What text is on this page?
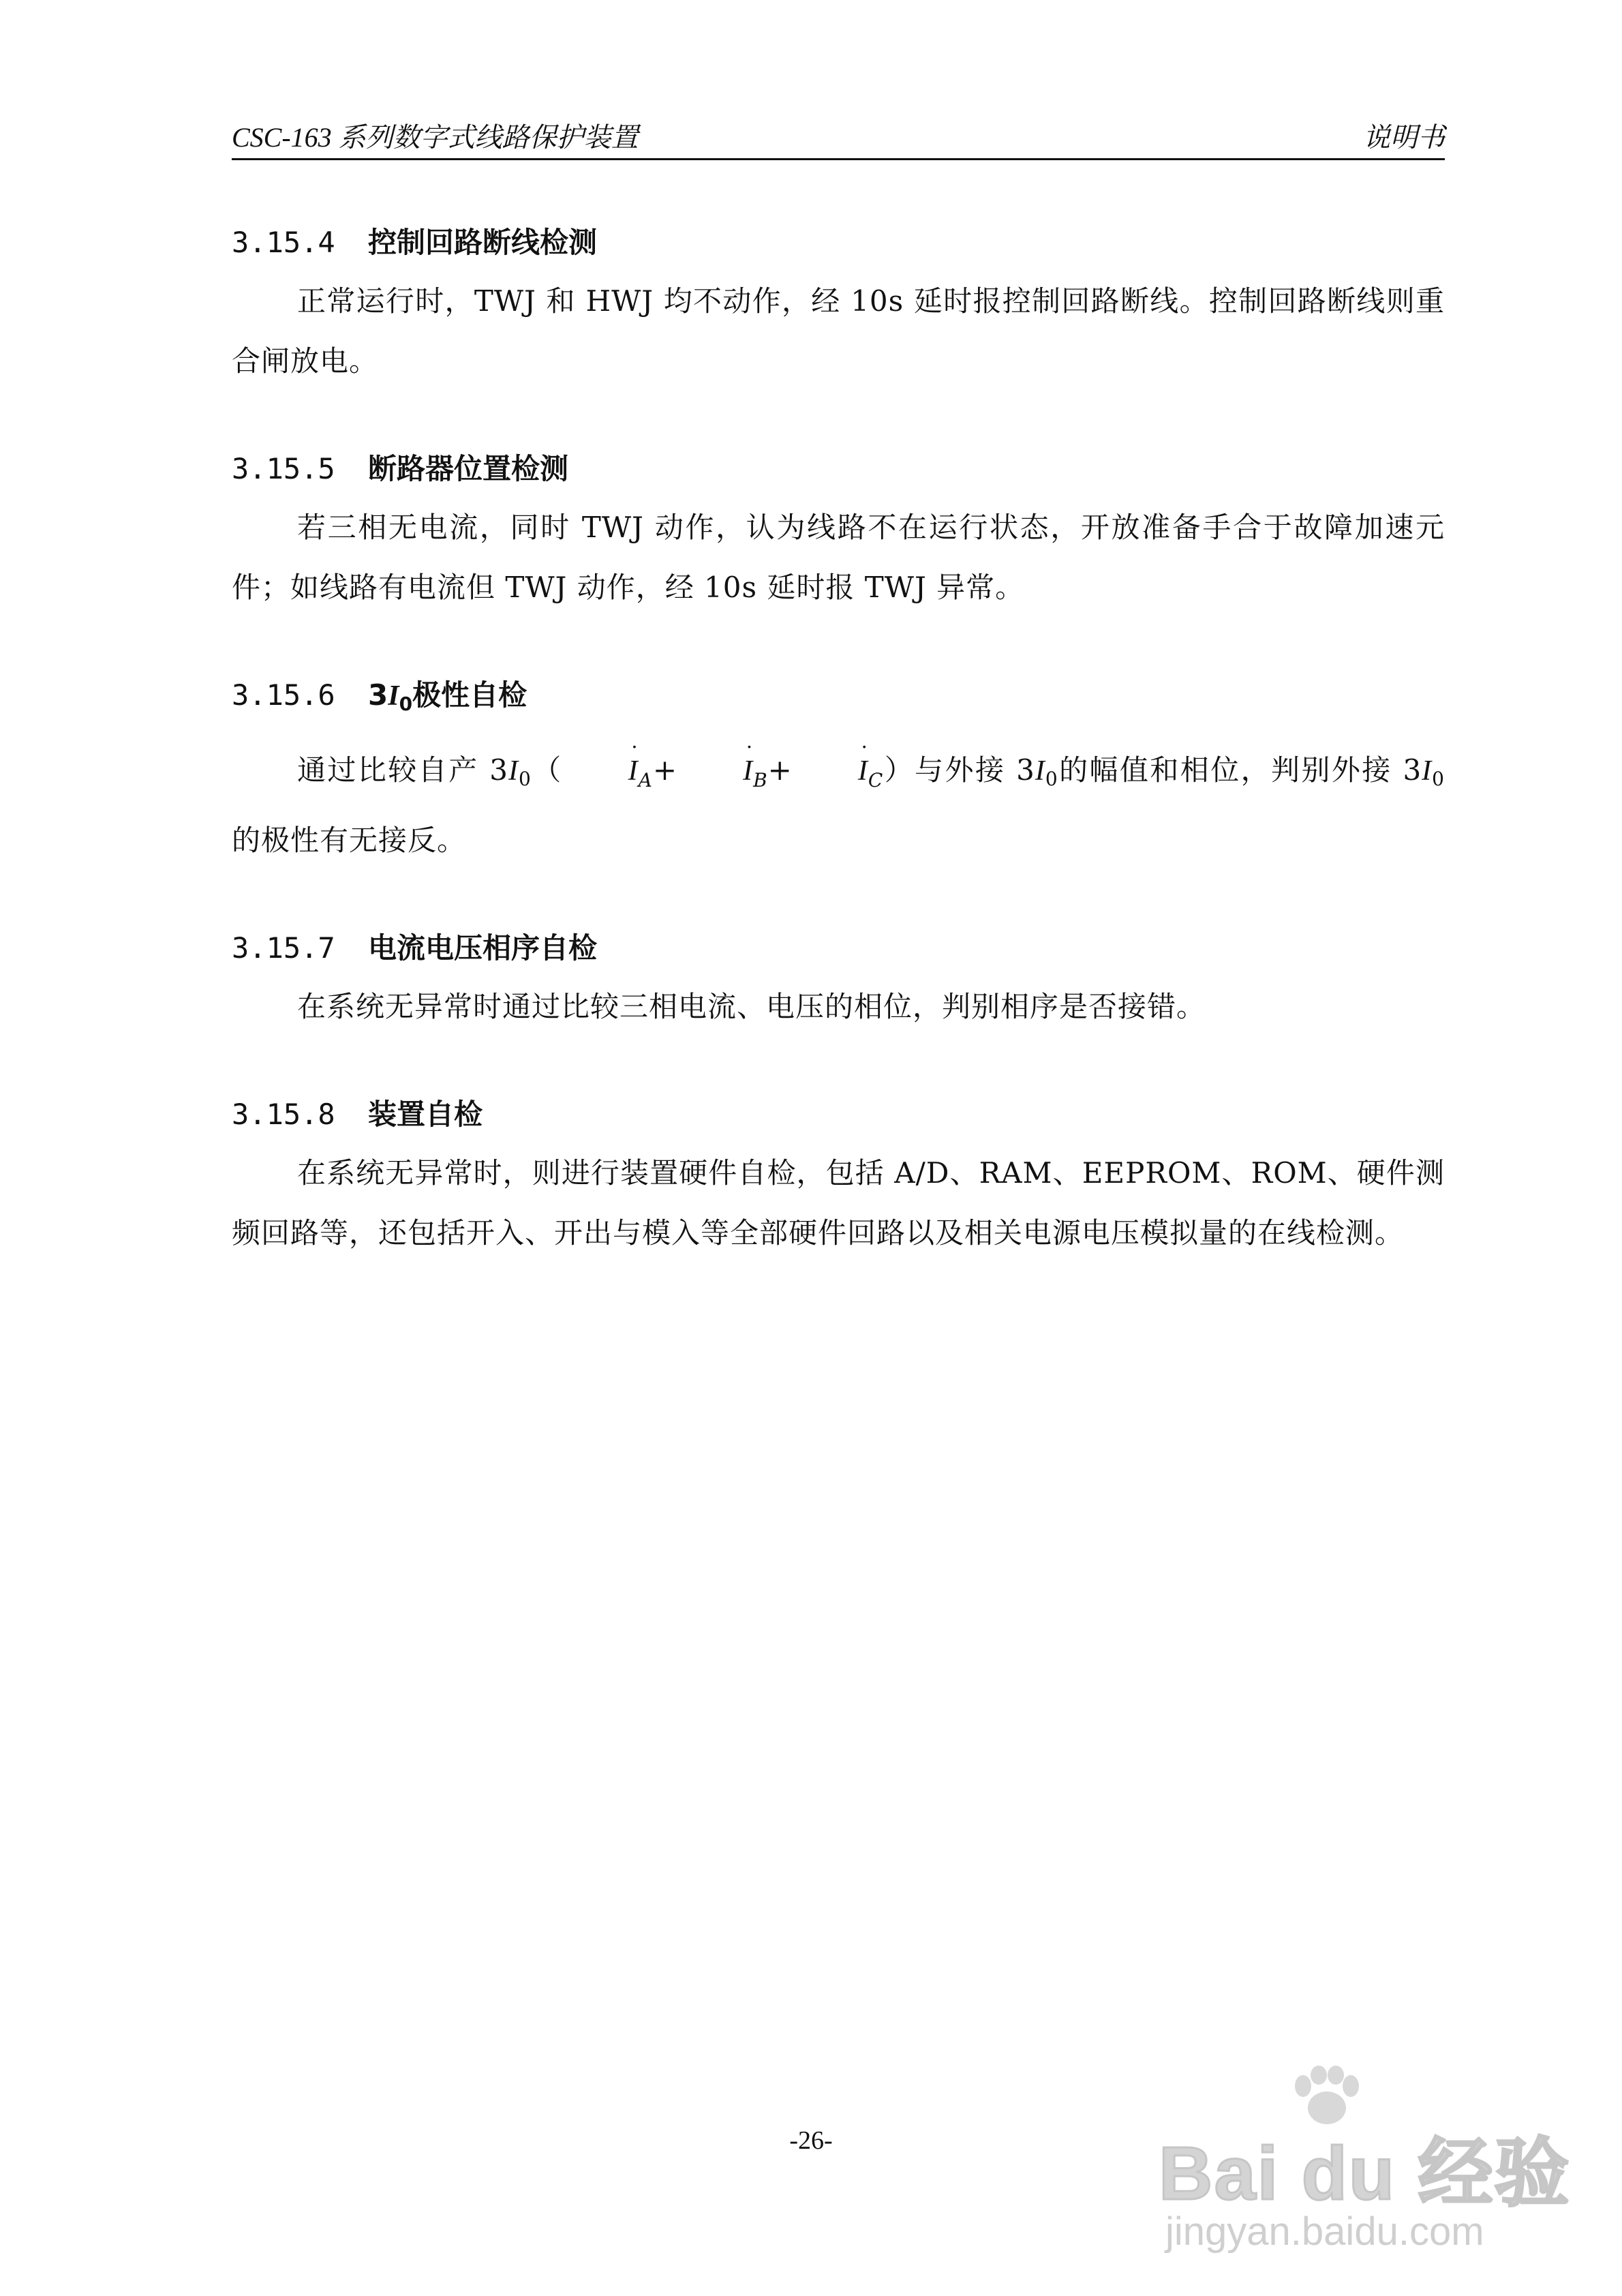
CSC-163 系列数字式线路保护装置	说明书
3.15.4 控制回路断线检测
正常运行时，TWJ 和 HWJ 均不动作，经 10s 延时报控制回路断线。控制回路断线则重合闸放电。
3.15.5 断路器位置检测
若三相无电流，同时 TWJ 动作，认为线路不在运行状态，开放准备手合于故障加速元件；如线路有电流但 TWJ 动作，经 10s 延时报 TWJ 异常。
3.15.6 3I0极性自检
通过比较自产 $3I0( \cdot I_A+ \cdot I_B+ \cdot I_C)$与外接 3I0的幅值和相位，判别外接 3I0的极性有无接反。
3.15.7 电流电压相序自检
在系统无异常时通过比较三相电流、电压的相位，判别相序是否接错。
3.15.8 装置自检
在系统无异常时，则进行装置硬件自检，包括 A/D、RAM、EEPROM、ROM、硬件测频回路等，还包括开入、开出与模入等全部硬件回路以及相关电源电压模拟量的在线检测。
-26-	Bai du 经验
jingyan.baidu.com
